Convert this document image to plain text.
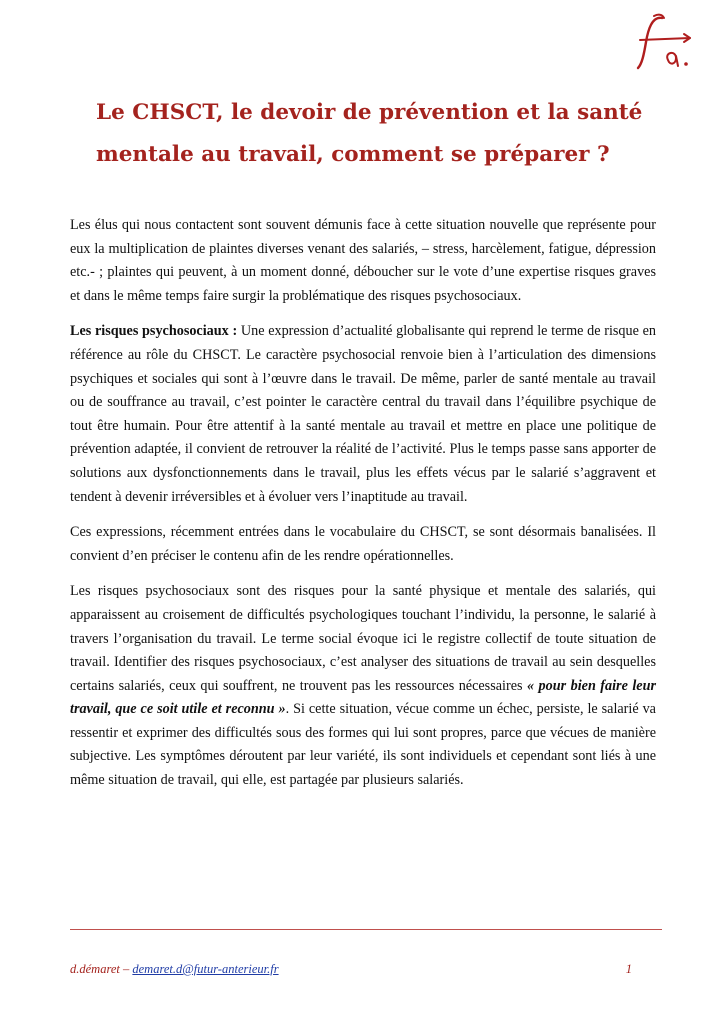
Le CHSCT, le devoir de prévention et la santé mentale au travail, comment se préparer ?

Les élus qui nous contactent sont souvent démunis face à cette situation nouvelle que représente pour eux la multiplication de plaintes diverses venant des salariés, – stress, harcèlement, fatigue, dépression etc.- ; plaintes qui peuvent, à un moment donné, déboucher sur le vote d’une expertise risques graves et dans le même temps faire surgir la problématique des risques psychosociaux.

Les risques psychosociaux : Une expression d’actualité globalisante qui reprend le terme de risque en référence au rôle du CHSCT. Le caractère psychosocial renvoie bien à l’articulation des dimensions psychiques et sociales qui sont à l’œuvre dans le travail. De même, parler de santé mentale au travail ou de souffrance au travail, c’est pointer le caractère central du travail dans l’équilibre psychique de tout être humain. Pour être attentif à la santé mentale au travail et mettre en place une politique de prévention adaptée, il convient de retrouver la réalité de l’activité. Plus le temps passe sans apporter de solutions aux dysfonctionnements dans le travail, plus les effets vécus par le salarié s’aggravent et tendent à devenir irréversibles et à évoluer vers l’inaptitude au travail.

Ces expressions, récemment entrées dans le vocabulaire du CHSCT, se sont désormais banalisées. Il convient d’en préciser le contenu afin de les rendre opérationnelles.

Les risques psychosociaux sont des risques pour la santé physique et mentale des salariés, qui apparaissent au croisement de difficultés psychologiques touchant l’individu, la personne, le salarié à travers l’organisation du travail. Le terme social évoque ici le registre collectif de toute situation de travail. Identifier des risques psychosociaux, c’est analyser des situations de travail au sein desquelles certains salariés, ceux qui souffrent, ne trouvent pas les ressources nécessaires « pour bien faire leur travail, que ce soit utile et reconnu ». Si cette situation, vécue comme un échec, persiste, le salarié va ressentir et exprimer des difficultés sous des formes qui lui sont propres, parce que vécues de manière subjective. Les symptômes déroutent par leur variété, ils sont individuels et cependant sont liés à une même situation de travail, qui elle, est partagée par plusieurs salariés.

d.démaret – demaret.d@futur-anterieur.fr	1
